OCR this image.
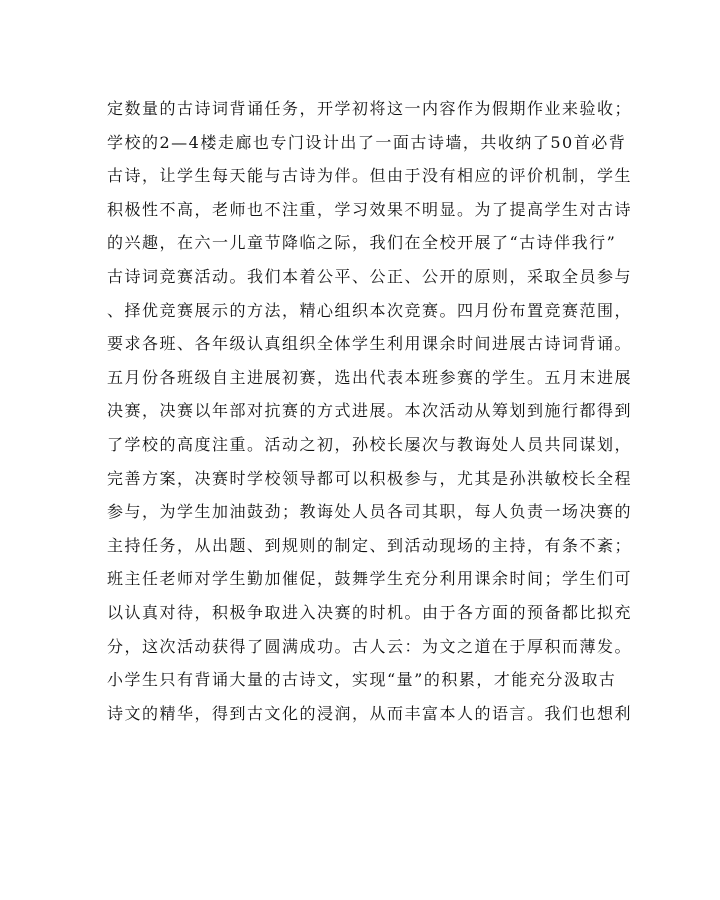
定数量的古诗词背诵任务，开学初将这一内容作为假期作业来验收；
学校的2—4楼走廊也专门设计出了一面古诗墙，共收纳了50首必背
古诗，让学生每天能与古诗为伴。但由于没有相应的评价机制，学生
积极性不高，老师也不注重，学习效果不明显。为了提高学生对古诗
的兴趣，在六一儿童节降临之际，我们在全校开展了“古诗伴我行”
古诗词竞赛活动。我们本着公平、公正、公开的原则，采取全员参与
、择优竞赛展示的方法，精心组织本次竞赛。四月份布置竞赛范围，
要求各班、各年级认真组织全体学生利用课余时间进展古诗词背诵。
五月份各班级自主进展初赛，选出代表本班参赛的学生。五月末进展
决赛，决赛以年部对抗赛的方式进展。本次活动从筹划到施行都得到
了学校的高度注重。活动之初，孙校长屡次与教诲处人员共同谋划，
完善方案，决赛时学校领导都可以积极参与，尤其是孙洪敏校长全程
参与，为学生加油鼓劲；教诲处人员各司其职，每人负责一场决赛的
主持任务，从出题、到规则的制定、到活动现场的主持，有条不紊；
班主任老师对学生勤加催促，鼓舞学生充分利用课余时间；学生们可
以认真对待，积极争取进入决赛的时机。由于各方面的预备都比拟充
分，这次活动获得了圆满成功。古人云：为文之道在于厚积而薄发。
小学生只有背诵大量的古诗文，实现“量”的积累，才能充分汲取古
诗文的精华，得到古文化的浸润，从而丰富本人的语言。我们也想利
